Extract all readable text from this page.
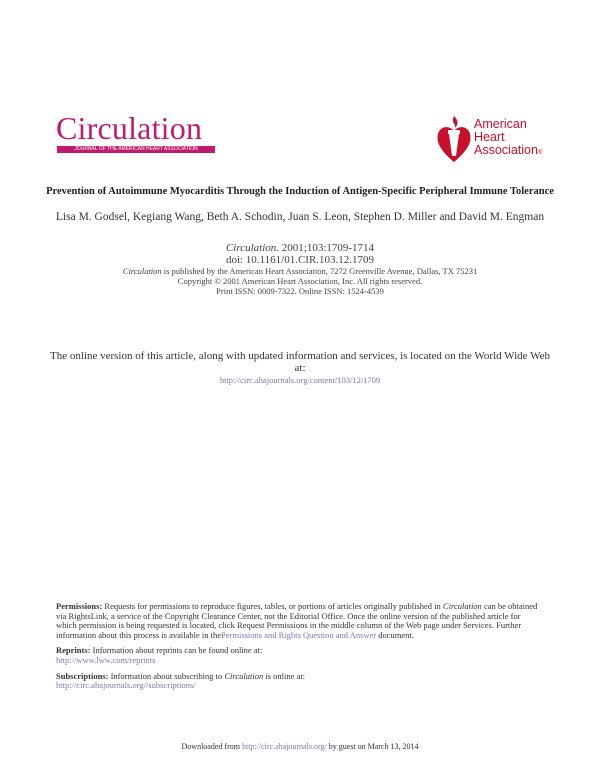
Circulation
JOURNAL OF THE AMERICAN HEART ASSOCIATION
American
Heart
Association®
Prevention of Autoimmune Myocarditis Through the Induction of Antigen-Specific Peripheral Immune Tolerance
Lisa M. Godsel, Kegiang Wang, Beth A. Schodin, Juan S. Leon, Stephen D. Miller and David M. Engman
Circulation. 2001;103:1709-1714
doi: 10.1161/01.CIR.103.12.1709
Circulation is published by the American Heart Association, 7272 Greenville Avenue, Dallas, TX 75231
Copyright © 2001 American Heart Association, Inc. All rights reserved.
Print ISSN: 0009-7322. Online ISSN: 1524-4539
The online version of this article, along with updated information and services, is located on the World Wide Web at:
http://circ.ahajournals.org/content/103/12/1709

Permissions: Requests for permissions to reproduce figures, tables, or portions of articles originally published in Circulation can be obtained via RightsLink, a service of the Copyright Clearance Center, not the Editorial Office. Once the online version of the published article for which permission is being requested is located, click Request Permissions in the middle column of the Web page under Services. Further information about this process is available in thePermissions and Rights Question and Answer document.

Reprints: Information about reprints can be found online at:
http://www.lww.com/reprints

Subscriptions: Information about subscribing to Circulation is online at:
http://circ.ahajournals.org//subscriptions/

Downloaded from http://circ.ahajournals.org/ by guest on March 13, 2014
